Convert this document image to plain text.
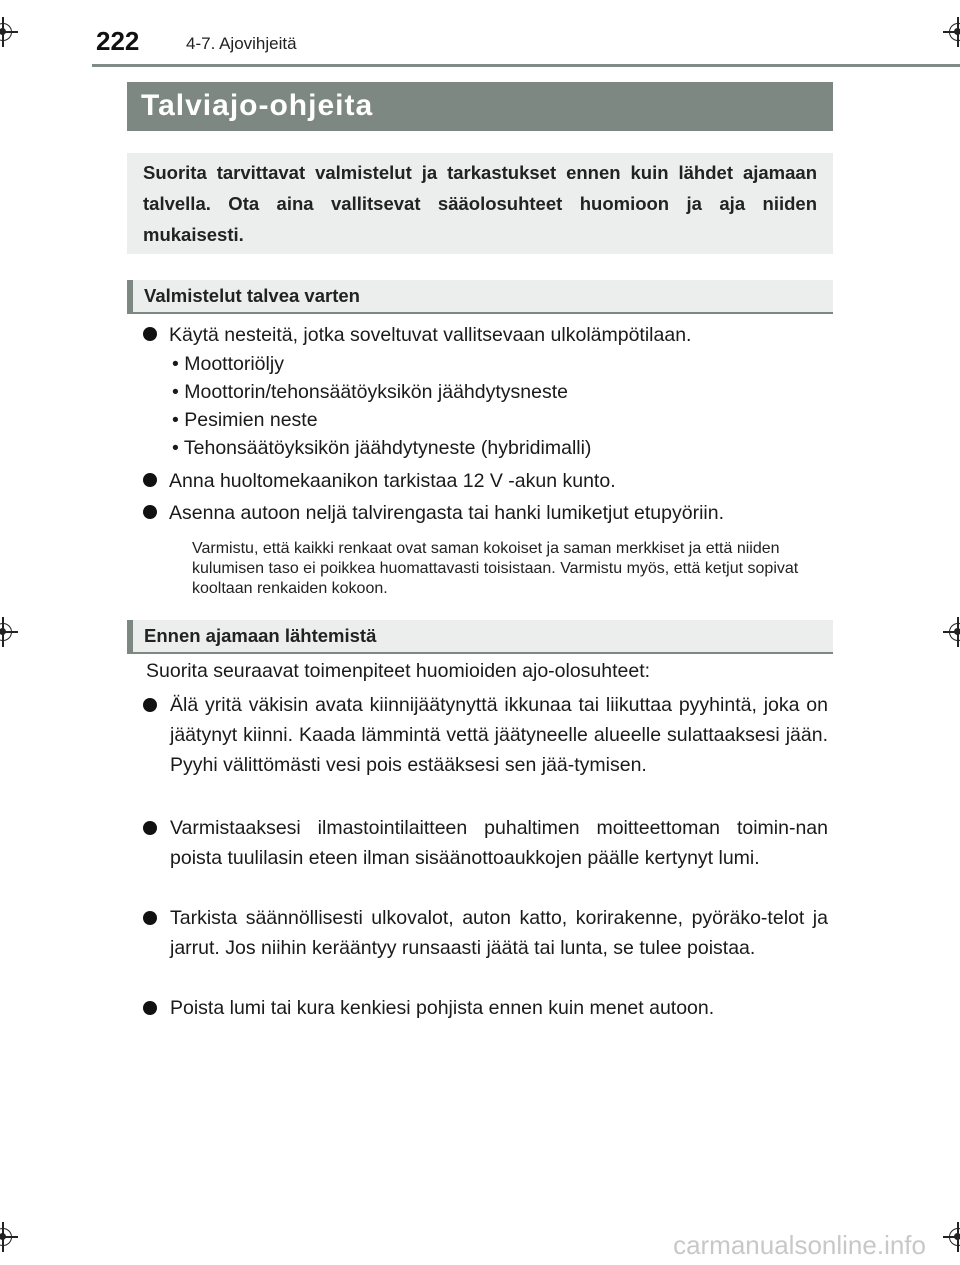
222	4-7. Ajovihjeitä
Talviajo-ohjeita

Suorita tarvittavat valmistelut ja tarkastukset ennen kuin lähdet ajamaan talvella. Ota aina vallitsevat sääolosuhteet huomioon ja aja niiden mukaisesti.

Valmistelut talvea varten
Käytä nesteitä, jotka soveltuvat vallitsevaan ulkolämpötilaan.
• Moottoriöljy
• Moottorin/tehonsäätöyksikön jäähdytysneste
• Pesimien neste
• Tehonsäätöyksikön jäähdytyneste (hybridimalli)
Anna huoltomekaanikon tarkistaa 12 V -akun kunto.
Asenna autoon neljä talvirengasta tai hanki lumiketjut etupyöriin.

Varmistu, että kaikki renkaat ovat saman kokoiset ja saman merkkiset ja että niiden kulumisen taso ei poikkea huomattavasti toisistaan. Varmistu myös, että ketjut sopivat kooltaan renkaiden kokoon.

Ennen ajamaan lähtemistä
Suorita seuraavat toimenpiteet huomioiden ajo-olosuhteet:
Älä yritä väkisin avata kiinnijäätynyttä ikkunaa tai liikuttaa pyyhintä, joka on jäätynyt kiinni. Kaada lämmintä vettä jäätyneelle alueelle sulattaaksesi jään. Pyyhi välittömästi vesi pois estääksesi sen jää-tymisen.
Varmistaaksesi ilmastointilaitteen puhaltimen moitteettoman toimin-nan poista tuulilasin eteen ilman sisäänottoaukkojen päälle kertynyt lumi.
Tarkista säännöllisesti ulkovalot, auton katto, korirakenne, pyöräko-telot ja jarrut. Jos niihin kerääntyy runsaasti jäätä tai lunta, se tulee poistaa.
Poista lumi tai kura kenkiesi pohjista ennen kuin menet autoon.
carmanualsonline.info
